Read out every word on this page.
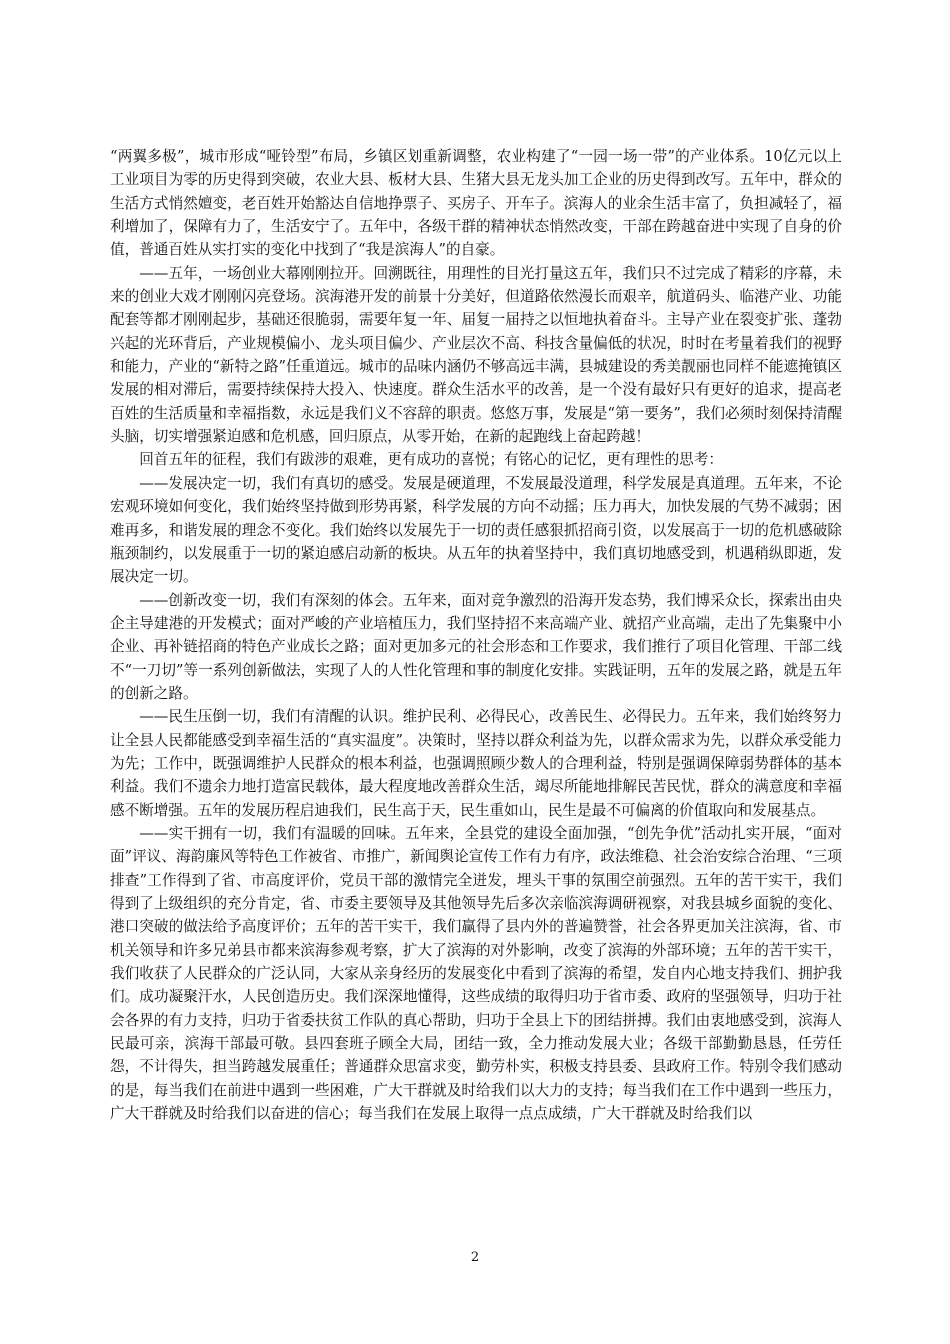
“两翼多极”，城市形成“哑铃型”布局，乡镇区划重新调整，农业构建了“一园一场一带”的产业体系。10亿元以上工业项目为零的历史得到突破，农业大县、板材大县、生猪大县无龙头加工企业的历史得到改写。五年中，群众的生活方式悄然嬗变，老百姓开始豁达自信地挣票子、买房子、开车子。滨海人的业余生活丰富了，负担减轻了，福利增加了，保障有力了，生活安宁了。五年中，各级干群的精神状态悄然改变，干部在跨越奋进中实现了自身的价值，普通百姓从实打实的变化中找到了“我是滨海人”的自豪。

——五年，一场创业大幕刚刚拉开。回溯既往，用理性的目光打量这五年，我们只不过完成了精彩的序幕，未来的创业大戏才刚刚闪亮登场。滨海港开发的前景十分美好，但道路依然漫长而艰辛，航道码头、临港产业、功能配套等都才刚刚起步，基础还很脆弱，需要年复一年、届复一届持之以恒地执着奋斗。主导产业在裂变扩张、蓬勃兴起的光环背后，产业规模偏小、龙头项目偏少、产业层次不高、科技含量偏低的状况，时时在考量着我们的视野和能力，产业的“新特之路”任重道远。城市的品味内涵仍不够高远丰满，县城建设的秀美靓丽也同样不能遮掩镇区发展的相对滞后，需要持续保持大投入、快速度。群众生活水平的改善，是一个没有最好只有更好的追求，提高老百姓的生活质量和幸福指数，永远是我们义不容辞的职责。悠悠万事，发展是“第一要务”，我们必须时刻保持清醒头脑，切实增强紧迫感和危机感，回归原点，从零开始，在新的起跑线上奋起跨越！

回首五年的征程，我们有跋涉的艰难，更有成功的喜悦；有铭心的记忆，更有理性的思考：

——发展决定一切，我们有真切的感受。发展是硬道理，不发展最没道理，科学发展是真道理。五年来，不论宏观环境如何变化，我们始终坚持做到形势再紧，科学发展的方向不动摇；压力再大，加快发展的气势不减弱；困难再多，和谐发展的理念不变化。我们始终以发展先于一切的责任感狠抓招商引资，以发展高于一切的危机感破除瓶颈制约，以发展重于一切的紧迫感启动新的板块。从五年的执着坚持中，我们真切地感受到，机遇稍纵即逝，发展决定一切。

——创新改变一切，我们有深刻的体会。五年来，面对竞争激烈的沿海开发态势，我们博采众长，探索出由央企主导建港的开发模式；面对严峻的产业培植压力，我们坚持招不来高端产业、就招产业高端，走出了先集聚中小企业、再补链招商的特色产业成长之路；面对更加多元的社会形态和工作要求，我们推行了项目化管理、干部二线不“一刀切”等一系列创新做法，实现了人的人性化管理和事的制度化安排。实践证明，五年的发展之路，就是五年的创新之路。

——民生压倒一切，我们有清醒的认识。维护民利、必得民心，改善民生、必得民力。五年来，我们始终努力让全县人民都能感受到幸福生活的“真实温度”。决策时，坚持以群众利益为先，以群众需求为先，以群众承受能力为先；工作中，既强调维护人民群众的根本利益，也强调照顾少数人的合理利益，特别是强调保障弱势群体的基本利益。我们不遗余力地打造富民载体，最大程度地改善群众生活，竭尽所能地排解民苦民忧，群众的满意度和幸福感不断增强。五年的发展历程启迪我们，民生高于天，民生重如山，民生是最不可偏离的价值取向和发展基点。

——实干拥有一切，我们有温暖的回味。五年来，全县党的建设全面加强，“创先争优”活动扎实开展，“面对面”评议、海韵廉风等特色工作被省、市推广，新闻舆论宣传工作有力有序，政法维稳、社会治安综合治理、“三项排查”工作得到了省、市高度评价，党员干部的激情完全迸发，埋头干事的氛围空前强烈。五年的苦干实干，我们得到了上级组织的充分肯定，省、市委主要领导及其他领导先后多次亲临滨海调研视察，对我县城乡面貌的变化、港口突破的做法给予高度评价；五年的苦干实干，我们赢得了县内外的普遍赞誉，社会各界更加关注滨海，省、市机关领导和许多兄弟县市都来滨海参观考察，扩大了滨海的对外影响，改变了滨海的外部环境；五年的苦干实干，我们收获了人民群众的广泛认同，大家从亲身经历的发展变化中看到了滨海的希望，发自内心地支持我们、拥护我们。成功凝聚汗水，人民创造历史。我们深深地懂得，这些成绩的取得归功于省市委、政府的坚强领导，归功于社会各界的有力支持，归功于省委扶贫工作队的真心帮助，归功于全县上下的团结拼搏。我们由衷地感受到，滨海人民最可亲，滨海干部最可敬。县四套班子顾全大局，团结一致，全力推动发展大业；各级干部勤勤恳恳，任劳任怨，不计得失，担当跨越发展重任；普通群众思富求变，勤劳朴实，积极支持县委、县政府工作。特别令我们感动的是，每当我们在前进中遇到一些困难，广大干群就及时给我们以大力的支持；每当我们在工作中遇到一些压力，广大干群就及时给我们以奋进的信心；每当我们在发展上取得一点点成绩，广大干群就及时给我们以

2
